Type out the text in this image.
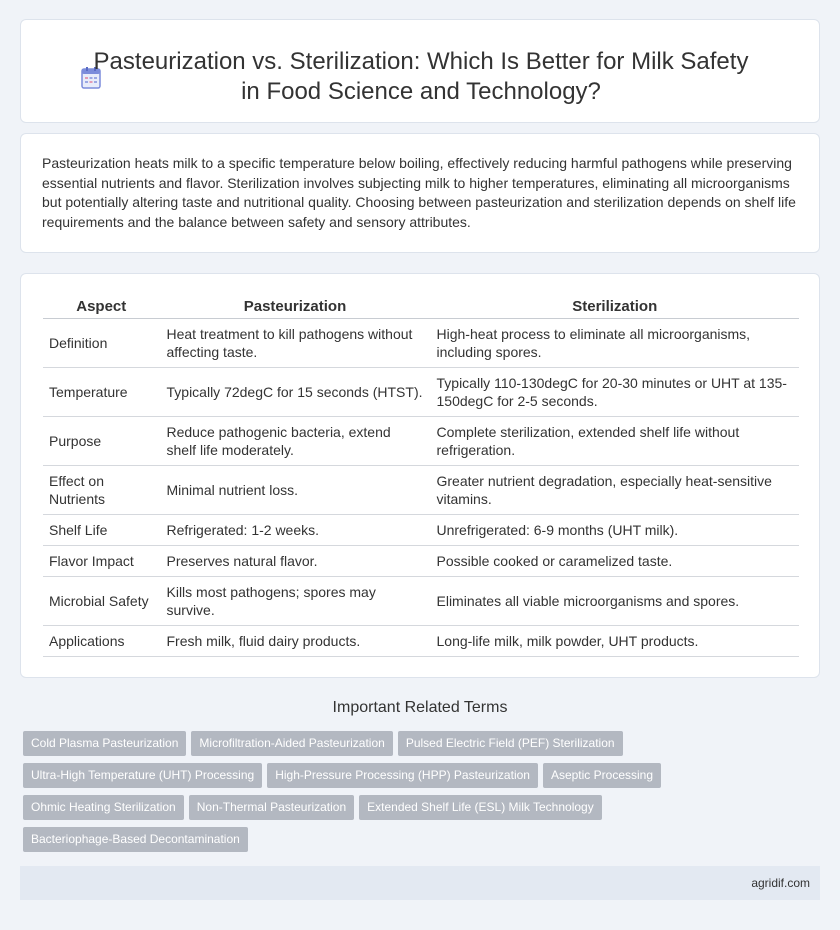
Pasteurization vs. Sterilization: Which Is Better for Milk Safety in Food Science and Technology?

Pasteurization heats milk to a specific temperature below boiling, effectively reducing harmful pathogens while preserving essential nutrients and flavor. Sterilization involves subjecting milk to higher temperatures, eliminating all microorganisms but potentially altering taste and nutritional quality. Choosing between pasteurization and sterilization depends on shelf life requirements and the balance between safety and sensory attributes.

Aspect	Pasteurization	Sterilization
Definition	Heat treatment to kill pathogens without affecting taste.	High-heat process to eliminate all microorganisms, including spores.
Temperature	Typically 72degC for 15 seconds (HTST).	Typically 110-130degC for 20-30 minutes or UHT at 135-150degC for 2-5 seconds.
Purpose	Reduce pathogenic bacteria, extend shelf life moderately.	Complete sterilization, extended shelf life without refrigeration.
Effect on Nutrients	Minimal nutrient loss.	Greater nutrient degradation, especially heat-sensitive vitamins.
Shelf Life	Refrigerated: 1-2 weeks.	Unrefrigerated: 6-9 months (UHT milk).
Flavor Impact	Preserves natural flavor.	Possible cooked or caramelized taste.
Microbial Safety	Kills most pathogens; spores may survive.	Eliminates all viable microorganisms and spores.
Applications	Fresh milk, fluid dairy products.	Long-life milk, milk powder, UHT products.
Important Related Terms
Cold Plasma Pasteurization Microfiltration-Aided Pasteurization Pulsed Electric Field (PEF) Sterilization
Ultra-High Temperature (UHT) Processing High-Pressure Processing (HPP) Pasteurization Aseptic Processing
Ohmic Heating Sterilization Non-Thermal Pasteurization Extended Shelf Life (ESL) Milk Technology
Bacteriophage-Based Decontamination
agridif.com
